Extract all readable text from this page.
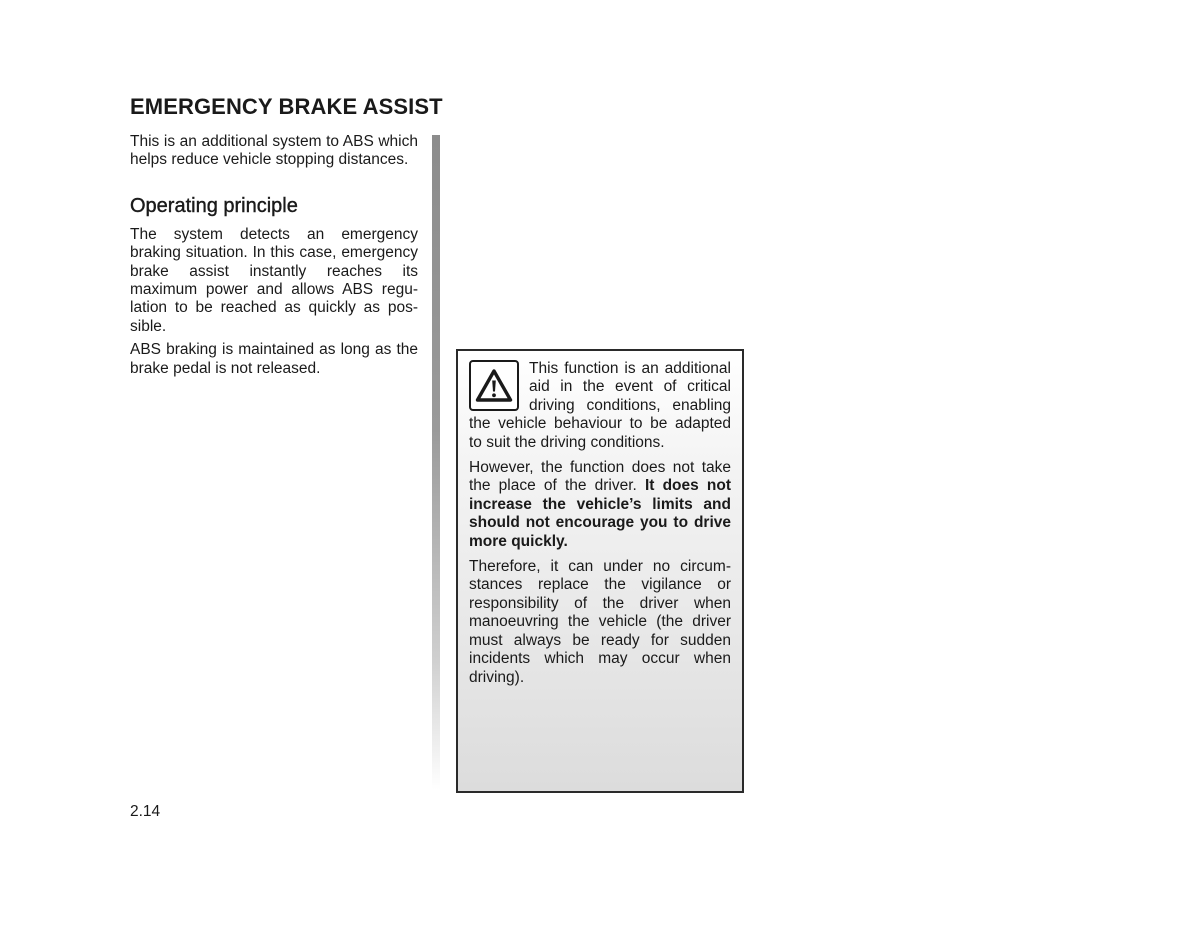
EMERGENCY BRAKE ASSIST

This is an additional system to ABS which helps reduce vehicle stopping distances.

Operating principle

The system detects an emergency braking situation. In this case, emergency brake assist instantly reaches its maximum power and allows ABS regulation to be reached as quickly as possible.

ABS braking is maintained as long as the brake pedal is not released.	This function is an additional aid in the event of critical driving conditions, enabling the vehicle behaviour to be adapted to suit the driving conditions.

However, the function does not take the place of the driver. It does not increase the vehicle’s limits and should not encourage you to drive more quickly.

Therefore, it can under no circumstances replace the vigilance or responsibility of the driver when manoeuvring the vehicle (the driver must always be ready for sudden incidents which may occur when driving).

2.14
